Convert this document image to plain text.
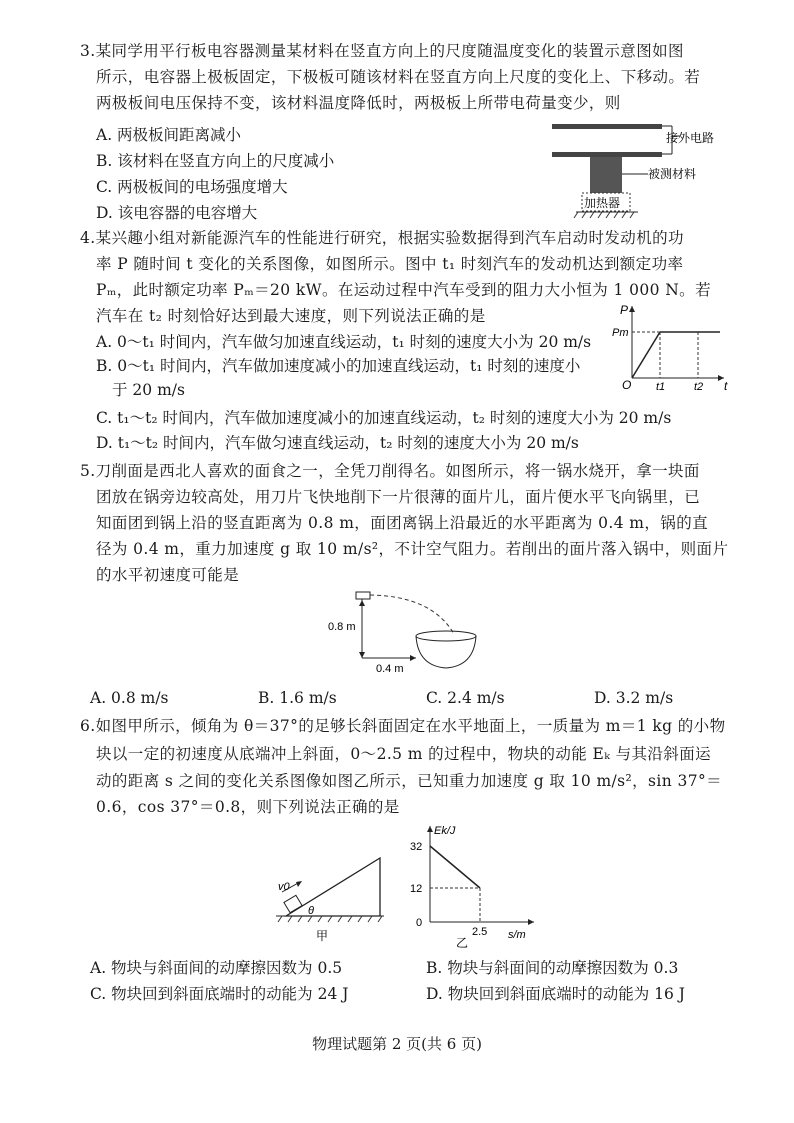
3.某同学用平行板电容器测量某材料在竖直方向上的尺度随温度变化的装置示意图如图
所示，电容器上极板固定，下极板可随该材料在竖直方向上尺度的变化上、下移动。若
两极板间电压保持不变，该材料温度降低时，两极板上所带电荷量变少，则
A. 两极板间距离减小
B. 该材料在竖直方向上的尺度减小
C. 两极板间的电场强度增大
D. 该电容器的电容增大
接外电路
被测材料
加热器
4.某兴趣小组对新能源汽车的性能进行研究，根据实验数据得到汽车启动时发动机的功
率 P 随时间 t 变化的关系图像，如图所示。图中 t₁ 时刻汽车的发动机达到额定功率
Pₘ，此时额定功率 Pₘ＝20 kW。在运动过程中汽车受到的阻力大小恒为 1 000 N。若
汽车在 t₂ 时刻恰好达到最大速度，则下列说法正确的是
A. 0～t₁ 时间内，汽车做匀加速直线运动，t₁ 时刻的速度大小为 20 m/s
B. 0～t₁ 时间内，汽车做加速度减小的加速直线运动，t₁ 时刻的速度小
于 20 m/s
C. t₁～t₂ 时间内，汽车做加速度减小的加速直线运动，t₂ 时刻的速度大小为 20 m/s
D. t₁～t₂ 时间内，汽车做匀速直线运动，t₂ 时刻的速度大小为 20 m/s
P
Pm
O t1	t2 t
5.刀削面是西北人喜欢的面食之一，全凭刀削得名。如图所示，将一锅水烧开，拿一块面
团放在锅旁边较高处，用刀片飞快地削下一片很薄的面片儿，面片便水平飞向锅里，已
知面团到锅上沿的竖直距离为 0.8 m，面团离锅上沿最近的水平距离为 0.4 m，锅的直
径为 0.4 m，重力加速度 g 取 10 m/s²，不计空气阻力。若削出的面片落入锅中，则面片
的水平初速度可能是
0.8 m
0.4 m
A. 0.8 m/s	B. 1.6 m/s	C. 2.4 m/s	D. 3.2 m/s
6.如图甲所示，倾角为 θ＝37°的足够长斜面固定在水平地面上，一质量为 m＝1 kg 的小物
块以一定的初速度从底端冲上斜面，0～2.5 m 的过程中，物块的动能 Eₖ 与其沿斜面运
动的距离 s 之间的变化关系图像如图乙所示，已知重力加速度 g 取 10 m/s²，sin 37°＝
0.6，cos 37°＝0.8，则下列说法正确的是
v0
θ
甲
Ek/J
32
12
0
2.5 s/m
乙
A. 物块与斜面间的动摩擦因数为 0.5	B. 物块与斜面间的动摩擦因数为 0.3
C. 物块回到斜面底端时的动能为 24 J	D. 物块回到斜面底端时的动能为 16 J
物理试题第 2 页(共 6 页)
